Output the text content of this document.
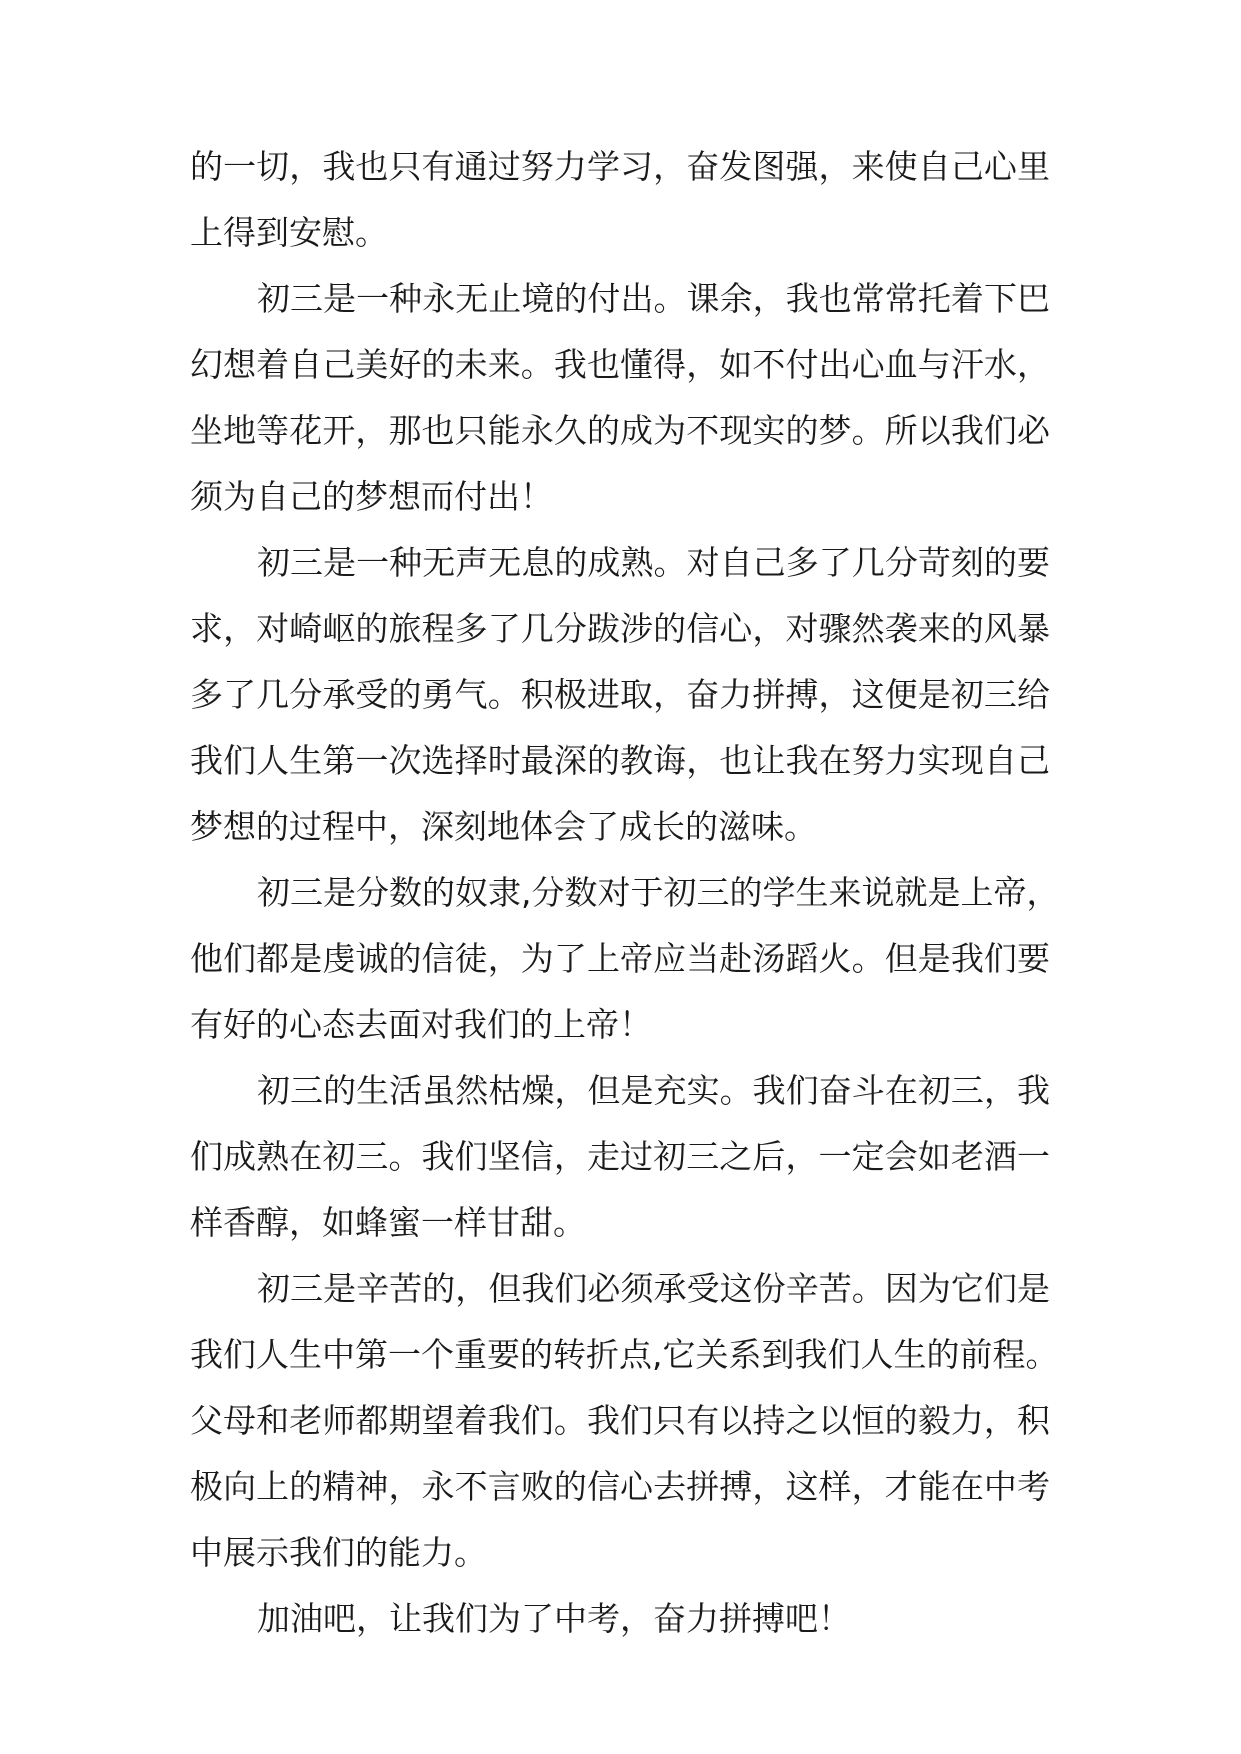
的一切，我也只有通过努力学习，奋发图强，来使自己心里
上得到安慰。
初三是一种永无止境的付出。课余，我也常常托着下巴
幻想着自己美好的未来。我也懂得，如不付出心血与汗水，
坐地等花开，那也只能永久的成为不现实的梦。所以我们必
须为自己的梦想而付出！
初三是一种无声无息的成熟。对自己多了几分苛刻的要
求，对崎岖的旅程多了几分跋涉的信心，对骤然袭来的风暴
多了几分承受的勇气。积极进取，奋力拼搏，这便是初三给
我们人生第一次选择时最深的教诲，也让我在努力实现自己
梦想的过程中，深刻地体会了成长的滋味。
初三是分数的奴隶,分数对于初三的学生来说就是上帝，
他们都是虔诚的信徒，为了上帝应当赴汤蹈火。但是我们要
有好的心态去面对我们的上帝！
初三的生活虽然枯燥，但是充实。我们奋斗在初三，我
们成熟在初三。我们坚信，走过初三之后，一定会如老酒一
样香醇，如蜂蜜一样甘甜。
初三是辛苦的，但我们必须承受这份辛苦。因为它们是
我们人生中第一个重要的转折点,它关系到我们人生的前程。
父母和老师都期望着我们。我们只有以持之以恒的毅力，积
极向上的精神，永不言败的信心去拼搏，这样，才能在中考
中展示我们的能力。
加油吧，让我们为了中考，奋力拼搏吧！
